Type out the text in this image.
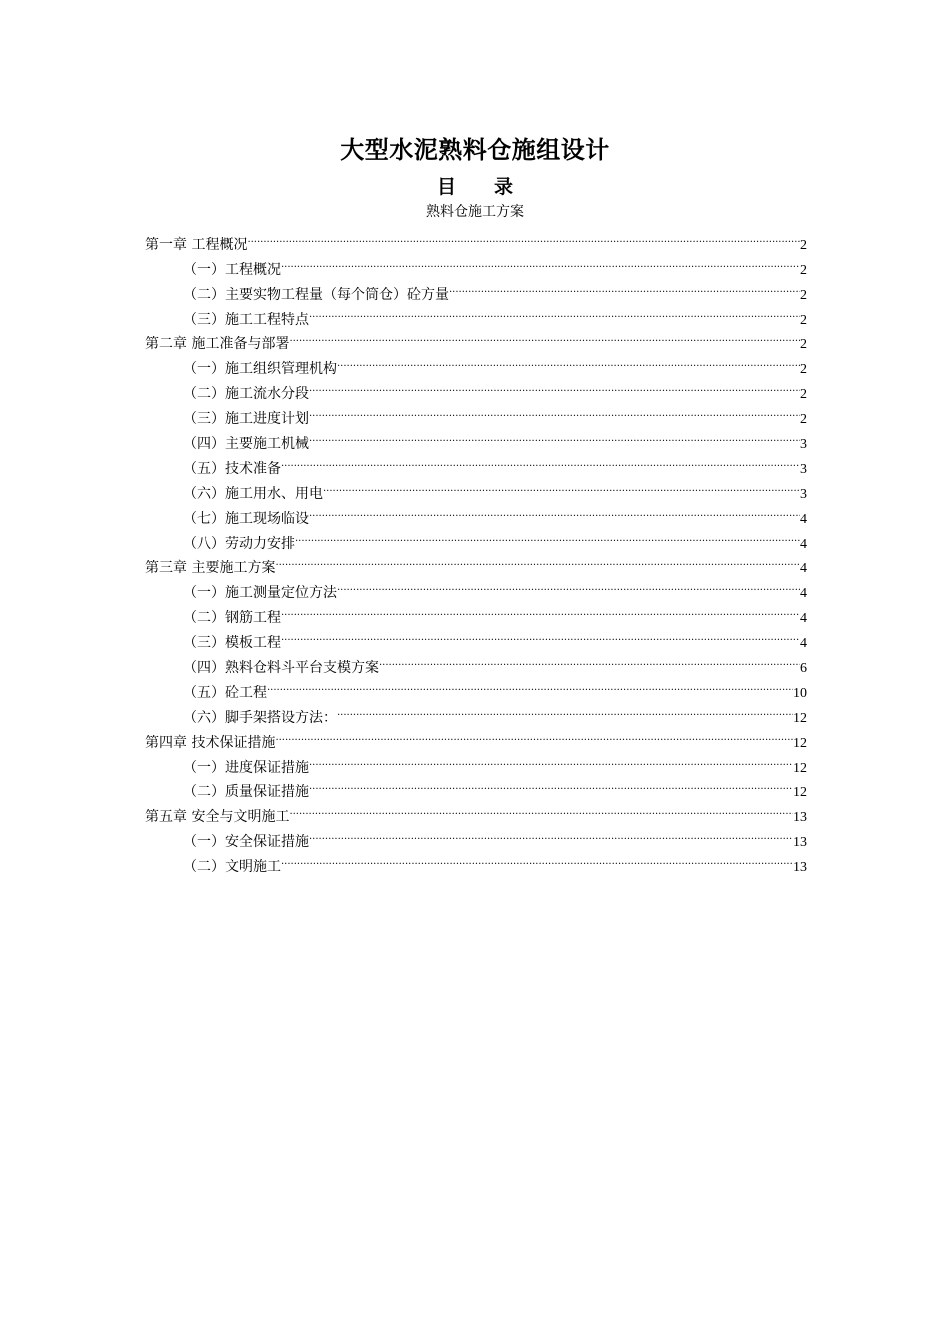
大型水泥熟料仓施组设计
目 录
熟料仓施工方案
第一章 工程概况 .....	2
（一）工程概况 .....	2
（二）主要实物工程量（每个筒仓）砼方量 .....	2
（三）施工工程特点 .....	2
第二章 施工准备与部署 .....	2
（一）施工组织管理机构 .....	2
（二）施工流水分段 .....	2
（三）施工进度计划 .....	2
（四）主要施工机械 .....	3
（五）技术准备 .....	3
（六）施工用水、用电 .....	3
（七）施工现场临设 .....	4
（八）劳动力安排 .....	4
第三章 主要施工方案 .....	4
（一）施工测量定位方法 .....	4
（二）钢筋工程 .....	4
（三）模板工程 .....	4
（四）熟料仓料斗平台支模方案 .....	6
（五）砼工程 .....	10
（六）脚手架搭设方法： .....	12
第四章 技术保证措施 .....	12
（一）进度保证措施 .....	12
（二）质量保证措施 .....	12
第五章 安全与文明施工 .....	13
（一）安全保证措施 .....	13
（二）文明施工 .....	13
